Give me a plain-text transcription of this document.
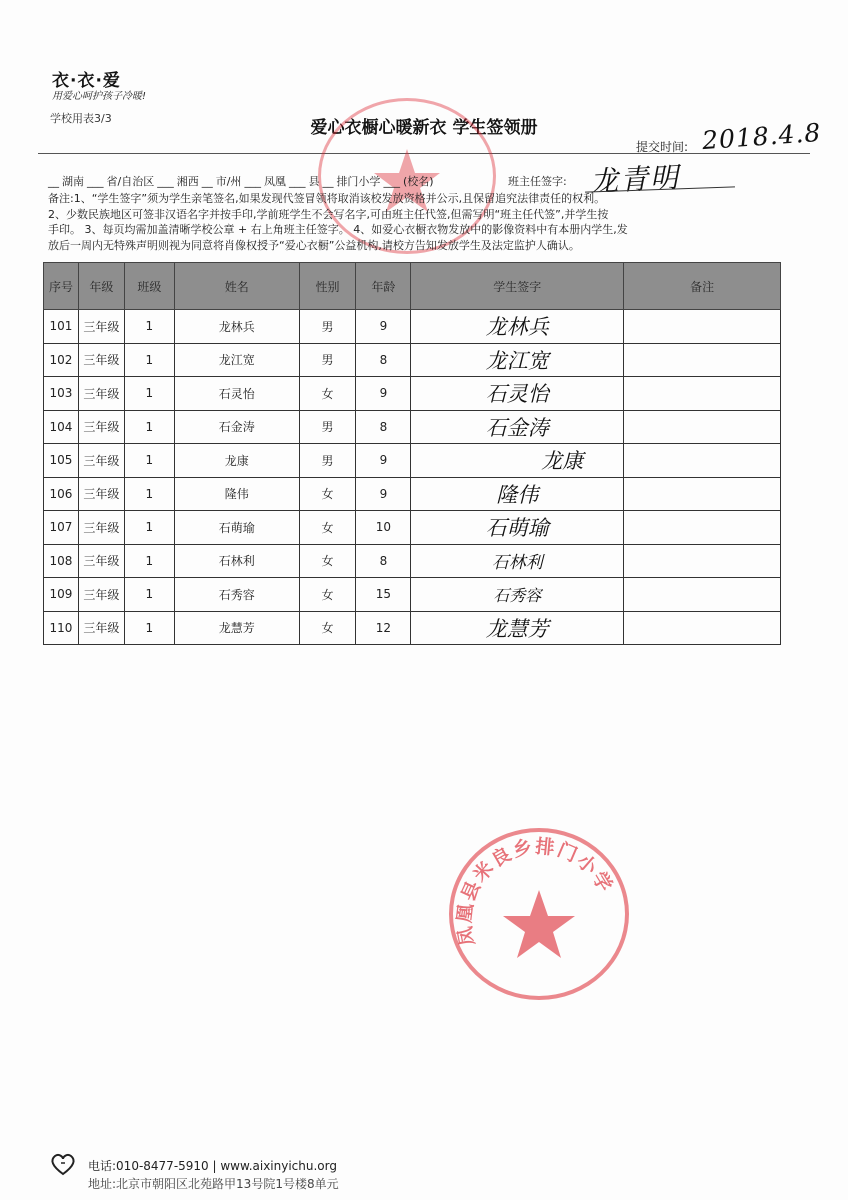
衣·衣·爱
用爱心呵护孩子冷暖!
学校用表3/3	爱心衣橱心暖新衣 学生签领册
提交时间: 2018.4.8
__ 湖南 ___ 省/自治区 ___ 湘西 __ 市/州 ___ 凤凰 ___ 县 __ 排门小学 ___ (校名)	班主任签字: 龙青明

备注:1、“学生签字”须为学生亲笔签名,如果发现代签冒领将取消该校发放资格并公示,且保留追究法律责任的权利。

2、少数民族地区可签非汉语名字并按手印,学前班学生不会写名字,可由班主任代签,但需写明“班主任代签”,并学生按

手印。 3、每页均需加盖清晰学校公章 + 右上角班主任签字。 4、如爱心衣橱衣物发放中的影像资料中有本册内学生,发

放后一周内无特殊声明则视为同意将肖像权授予“爱心衣橱”公益机构,请校方告知发放学生及法定监护人确认。

序号	年级	班级	姓名	性别	年龄	学生签字	备注
101	三年级	1	龙林兵	男	9	龙林兵	
102	三年级	1	龙江宽	男	8	龙江宽	
103	三年级	1	石灵怡	女	9	石灵怡	
104	三年级	1	石金涛	男	8	石金涛	
105	三年级	1	龙康	男	9	龙康	
106	三年级	1	隆伟	女	9	隆伟	
107	三年级	1	石萌瑜	女	10	石萌瑜	
108	三年级	1	石林利	女	8	石林利	
109	三年级	1	石秀容	女	15	石秀容	
110	三年级	1	龙慧芳	女	12	龙慧芳	
凤凰县米良乡排门小学
电话:010-8477-5910 | www.aixinyichu.org
地址:北京市朝阳区北苑路甲13号院1号楼8单元
